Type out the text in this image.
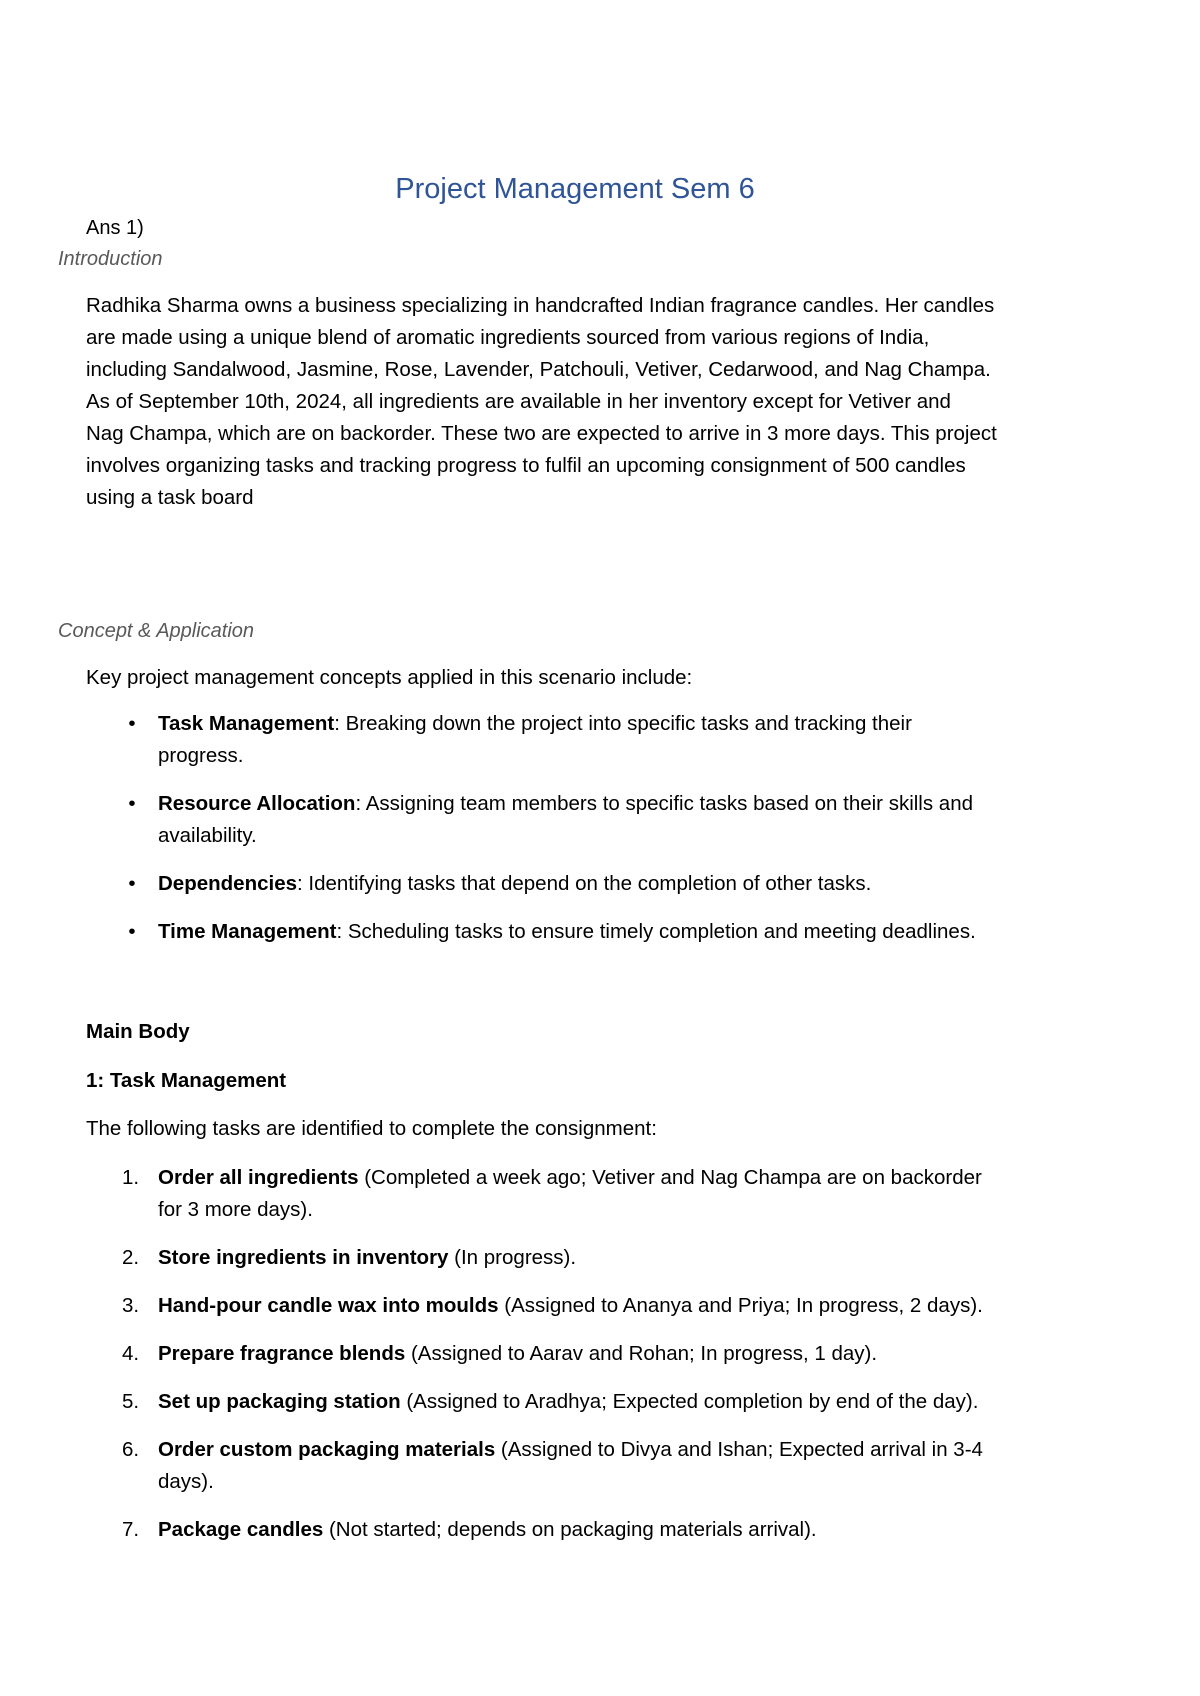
Project Management Sem 6
Ans 1)
Introduction

Radhika Sharma owns a business specializing in handcrafted Indian fragrance candles. Her candles

are made using a unique blend of aromatic ingredients sourced from various regions of India,

including Sandalwood, Jasmine, Rose, Lavender, Patchouli, Vetiver, Cedarwood, and Nag Champa.

As of September 10th, 2024, all ingredients are available in her inventory except for Vetiver and

Nag Champa, which are on backorder. These two are expected to arrive in 3 more days. This project

involves organizing tasks and tracking progress to fulfil an upcoming consignment of 500 candles

using a task board

Concept & Application
Key project management concepts applied in this scenario include:
• Task Management: Breaking down the project into specific tasks and tracking their
progress.
• Resource Allocation: Assigning team members to specific tasks based on their skills and
availability.
• Dependencies: Identifying tasks that depend on the completion of other tasks.
• Time Management: Scheduling tasks to ensure timely completion and meeting deadlines.
Main Body
1: Task Management
The following tasks are identified to complete the consignment:
1. Order all ingredients (Completed a week ago; Vetiver and Nag Champa are on backorder
for 3 more days).
2. Store ingredients in inventory (In progress).
3. Hand-pour candle wax into moulds (Assigned to Ananya and Priya; In progress, 2 days).
4. Prepare fragrance blends (Assigned to Aarav and Rohan; In progress, 1 day).
5. Set up packaging station (Assigned to Aradhya; Expected completion by end of the day).
6. Order custom packaging materials (Assigned to Divya and Ishan; Expected arrival in 3-4
days).
7. Package candles (Not started; depends on packaging materials arrival).
